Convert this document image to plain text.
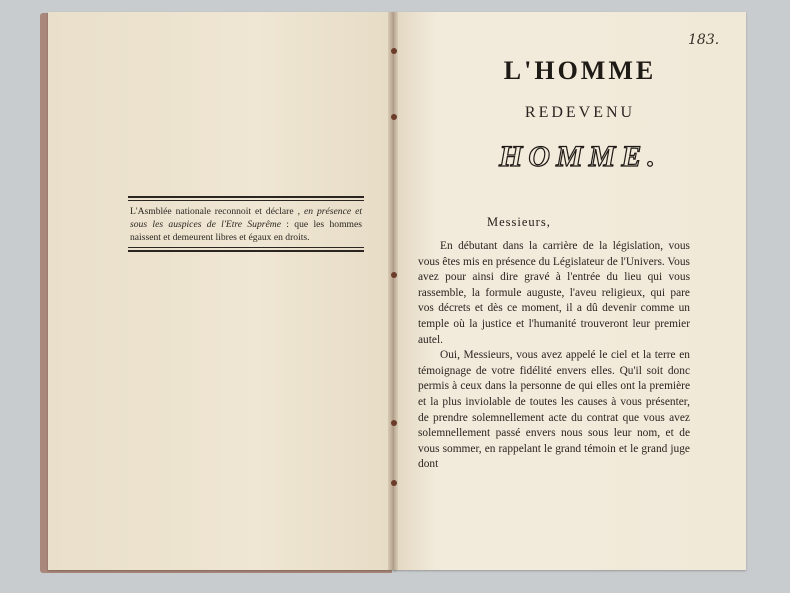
L'Asmblée nationale reconnoit et déclare , en présence et sous les auspices de l'Etre Suprême : que les hommes naissent et demeurent libres et égaux en droits.
183.
L'HOMME
REDEVENU
HOMME.
Messieurs,

En débutant dans la carrière de la législation, vous vous êtes mis en présence du Législateur de l'Univers. Vous avez pour ainsi dire gravé à l'entrée du lieu qui vous rassemble, la formule auguste, l'aveu religieux, qui pare vos décrets et dès ce moment, il a dû devenir comme un temple où la justice et l'humanité trouveront leur premier autel.

Oui, Messieurs, vous avez appelé le ciel et la terre en témoignage de votre fidélité envers elles. Qu'il soit donc permis à ceux dans la personne de qui elles ont la première et la plus inviolable de toutes les causes à vous présenter, de prendre solemnellement acte du contrat que vous avez solemnellement passé envers nous sous leur nom, et de vous sommer, en rappelant le grand témoin et le grand juge dont
